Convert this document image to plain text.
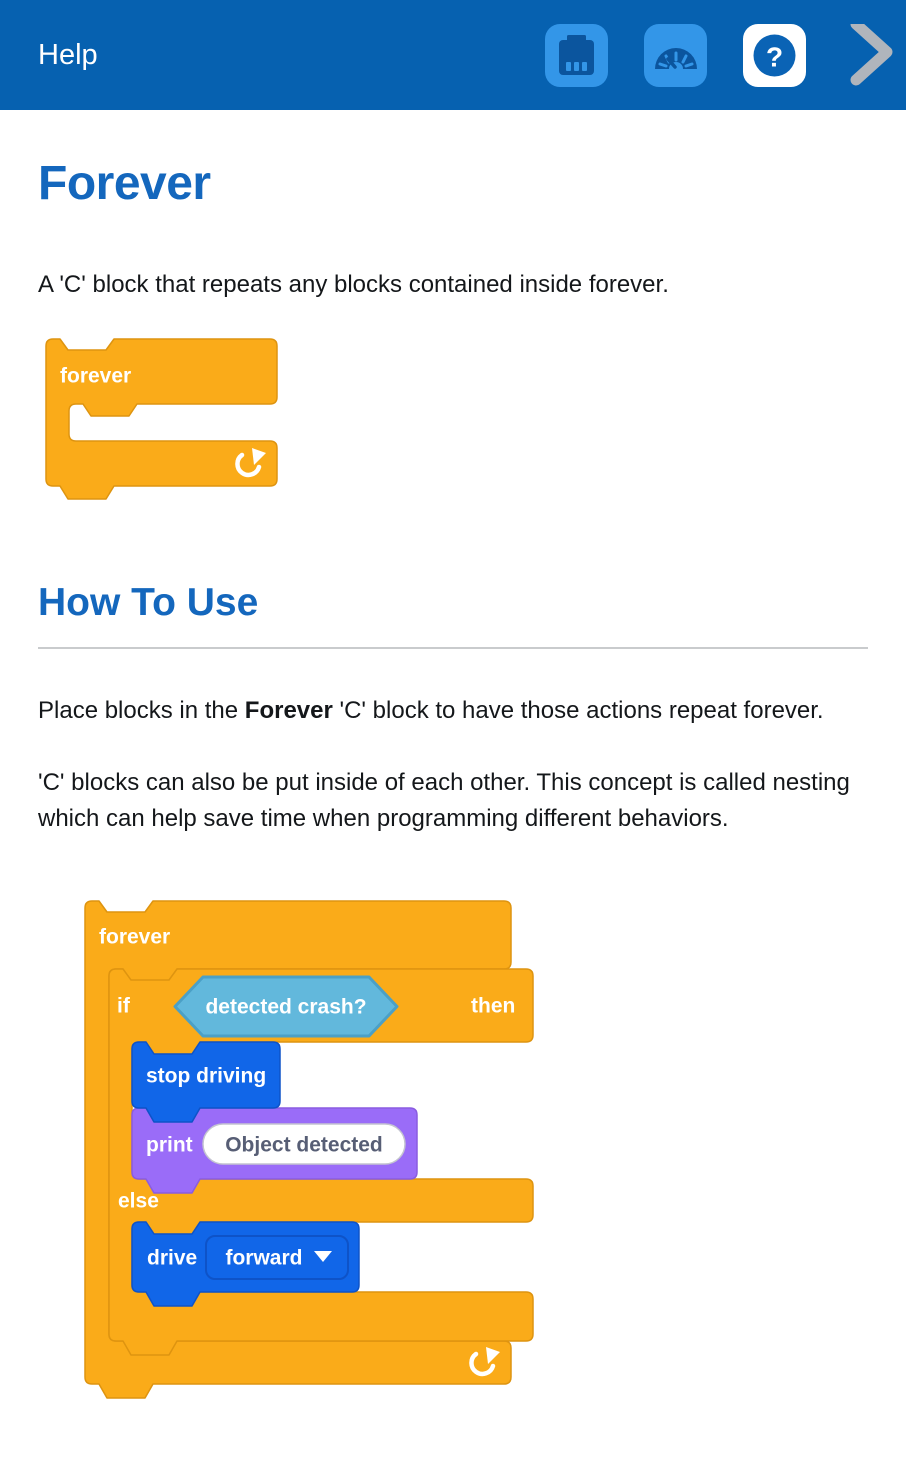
Help	?
Forever

A 'C' block that repeats any blocks contained inside forever.

forever
How To Use

Place blocks in the Forever 'C' block to have those actions repeat forever.

'C' blocks can also be put inside of each other. This concept is called nesting which can help save time when programming different behaviors.

forever
if	then
detected crash?
print Object detected
stop driving
else
drive forward
